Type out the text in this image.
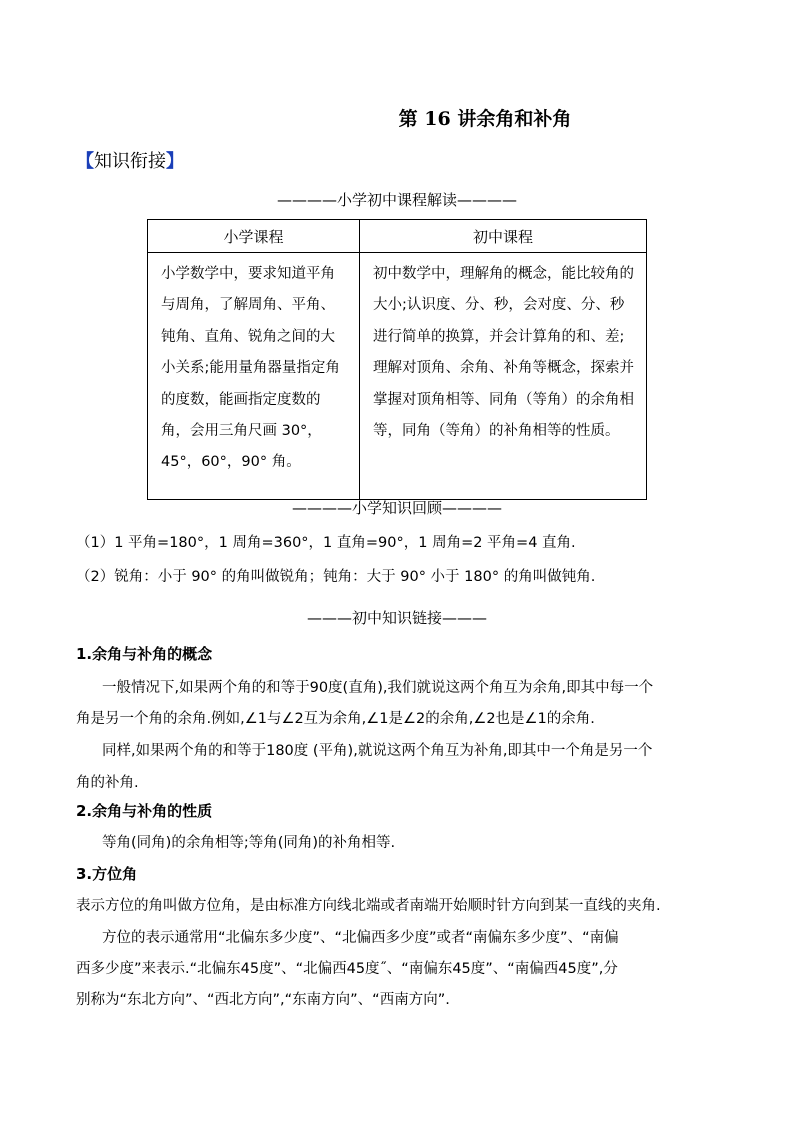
第 16 讲余角和补角
【知识衔接】
————小学初中课程解读————
小学课程	初中课程
小学数学中，要求知道平角与周角，了解周角、平角、钝角、直角、锐角之间的大小关系;能用量角器量指定角的度数，能画指定度数的角，会用三角尺画 30°，45°，60°，90° 角。	初中数学中，理解角的概念，能比较角的大小;认识度、分、秒，会对度、分、秒进行简单的换算，并会计算角的和、差;理解对顶角、余角、补角等概念，探索并掌握对顶角相等、同角（等角）的余角相等，同角（等角）的补角相等的性质。
————小学知识回顾————
（1）1 平角=180°，1 周角=360°，1 直角=90°，1 周角=2 平角=4 直角.
（2）锐角：小于 90° 的角叫做锐角；钝角：大于 90° 小于 180° 的角叫做钝角.
———初中知识链接———
1.余角与补角的概念
一般情况下,如果两个角的和等于90度(直角),我们就说这两个角互为余角,即其中每一个
角是另一个角的余角.例如,∠1与∠2互为余角,∠1是∠2的余角,∠2也是∠1的余角.
同样,如果两个角的和等于180度 (平角),就说这两个角互为补角,即其中一个角是另一个
角的补角.
2.余角与补角的性质
等角(同角)的余角相等;等角(同角)的补角相等.
3.方位角
表示方位的角叫做方位角，是由标准方向线北端或者南端开始顺时针方向到某一直线的夹角.
方位的表示通常用“北偏东多少度”、“北偏西多少度”或者“南偏东多少度”、“南偏
西多少度”来表示.“北偏东45度”、“北偏西45度˝、“南偏东45度”、“南偏西45度”,分
别称为“东北方向”、“西北方向”,“东南方向”、“西南方向”.
